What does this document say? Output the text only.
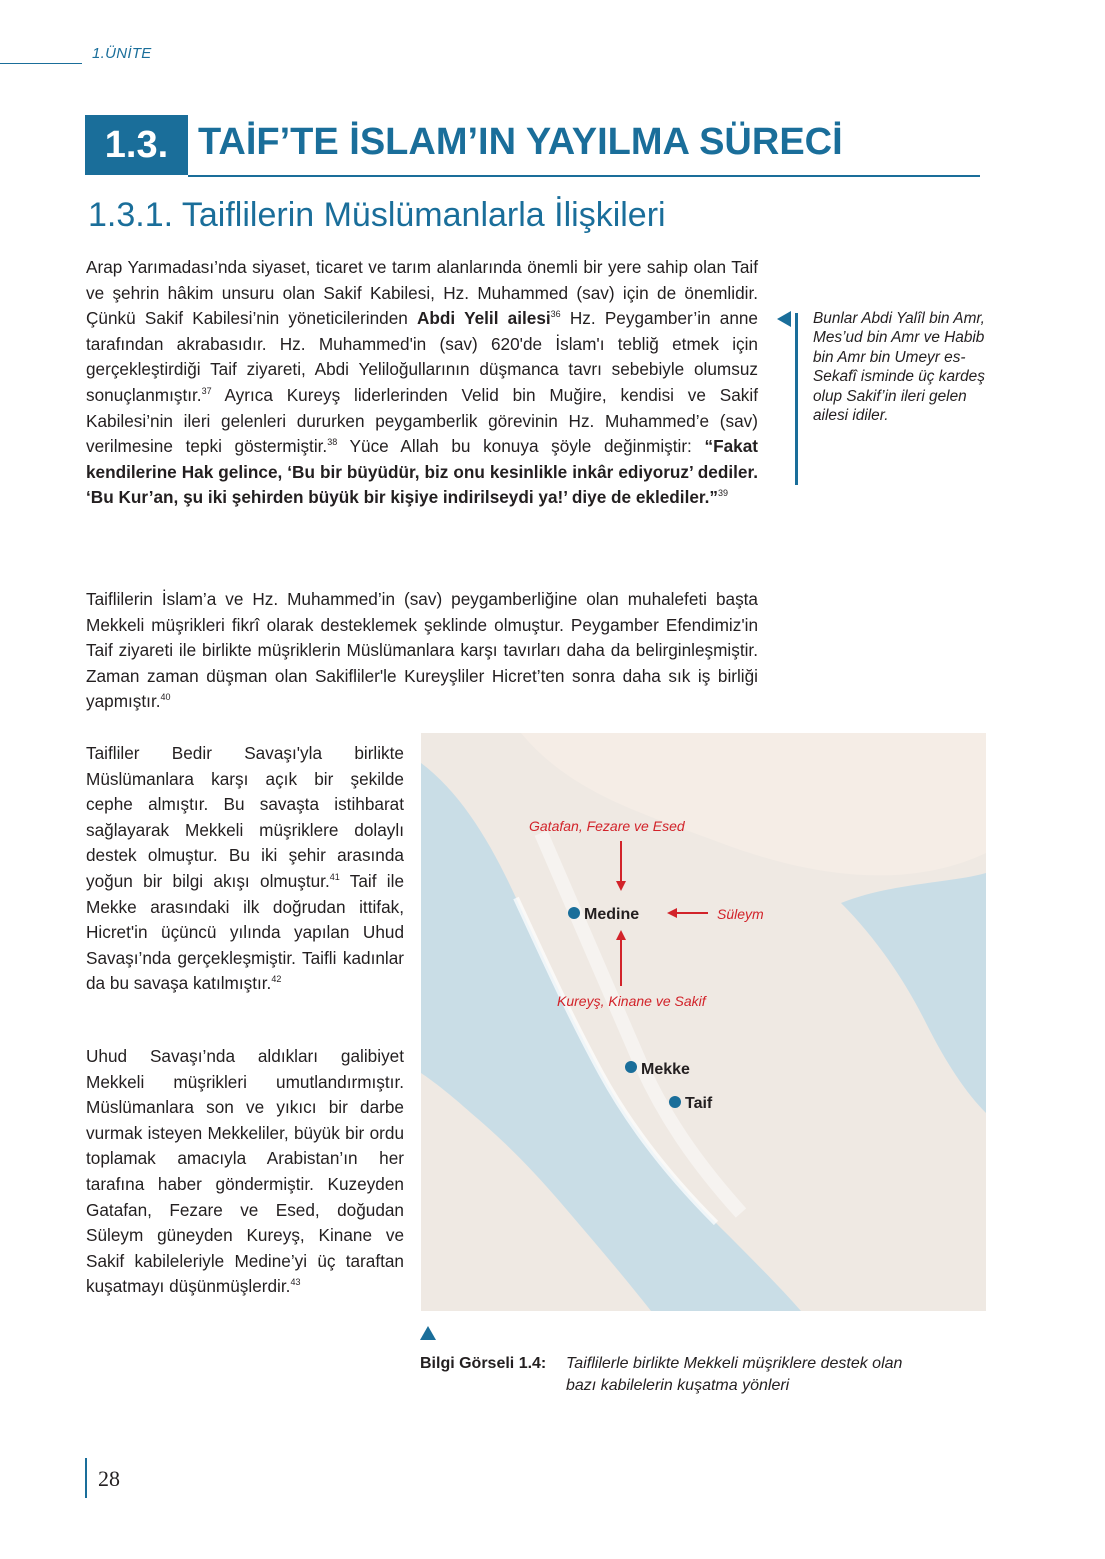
1.ÜNİTE
1.3. TAİF’TE İSLAM’IN YAYILMA SÜRECİ
1.3.1. Taiflilerin Müslümanlarla İlişkileri

Arap Yarımadası’nda siyaset, ticaret ve tarım alanlarında önemli bir yere sahip olan Taif ve şehrin hâkim unsuru olan Sakif Kabilesi, Hz. Muhammed (sav) için de önemlidir. Çünkü Sakif Kabilesi’nin yöneticilerinden Abdi Yelil ailesi$^{36}$ Hz. Peygamber’in anne tarafından akrabasıdır. Hz. Muhammed'in (sav) 620'de İslam'ı tebliğ etmek için gerçekleştirdiği Taif ziyareti, Abdi Yeliloğullarının düşmanca tavrı sebebiyle olumsuz sonuçlanmıştır.$^{37}$ Ayrıca Kureyş liderlerinden Velid bin Muğire, kendisi ve Sakif Kabilesi’nin ileri gelenleri dururken peygamberlik görevinin Hz. Muhammed’e (sav) verilmesine tepki göstermiştir.$^{38}$ Yüce Allah bu konuya şöyle değinmiştir: “Fakat kendilerine Hak gelince, ‘Bu bir büyüdür, biz onu kesinlikle inkâr ediyoruz’ dediler. ‘Bu Kur’an, şu iki şehirden büyük bir kişiye indirilseydi ya!’ diye de eklediler.”$^{39}$

Bunlar Abdi Yalîl bin Amr, Mes’ud bin Amr ve Habib bin Amr bin Umeyr es-Sekafî isminde üç kardeş olup Sakif’in ileri gelen ailesi idiler.

Taiflilerin İslam’a ve Hz. Muhammed’in (sav) peygamberliğine olan muhalefeti başta Mekkeli müşrikleri fikrî olarak desteklemek şeklinde olmuştur. Peygamber Efendimiz'in Taif ziyareti ile birlikte müşriklerin Müslümanlara karşı tavırları daha da belirginleşmiştir. Zaman zaman düşman olan Sakifliler'le Kureyşliler Hicret’ten sonra daha sık iş birliği yapmıştır.$^{40}$

Taifliler Bedir Savaşı'yla birlikte Müslümanlara karşı açık bir şekilde cephe almıştır. Bu savaşta istihbarat sağlayarak Mekkeli müşriklere dolaylı destek olmuştur. Bu iki şehir arasında yoğun bir bilgi akışı olmuştur.$^{41}$ Taif ile Mekke arasındaki ilk doğrudan ittifak, Hicret'in üçüncü yılında yapılan Uhud Savaşı’nda gerçekleşmiştir. Taifli kadınlar da bu savaşa katılmıştır.$^{42}$

Uhud Savaşı’nda aldıkları galibiyet Mekkeli müşrikleri umutlandırmıştır. Müslümanlara son ve yıkıcı bir darbe vurmak isteyen Mekkeliler, büyük bir ordu toplamak amacıyla Arabistan’ın her tarafına haber göndermiştir. Kuzeyden Gatafan, Fezare ve Esed, doğudan Süleym güneyden Kureyş, Kinane ve Sakif kabileleriyle Medine’yi üç taraftan kuşatmayı düşünmüşlerdir.$^{43}$

Medine
Mekke
Taif
Gatafan, Fezare ve Esed
Süleym
Kureyş, Kinane ve Sakif
Bilgi Görseli 1.4: Taiflilerle birlikte Mekkeli müşriklere destek olan bazı kabilelerin kuşatma yönleri

28
